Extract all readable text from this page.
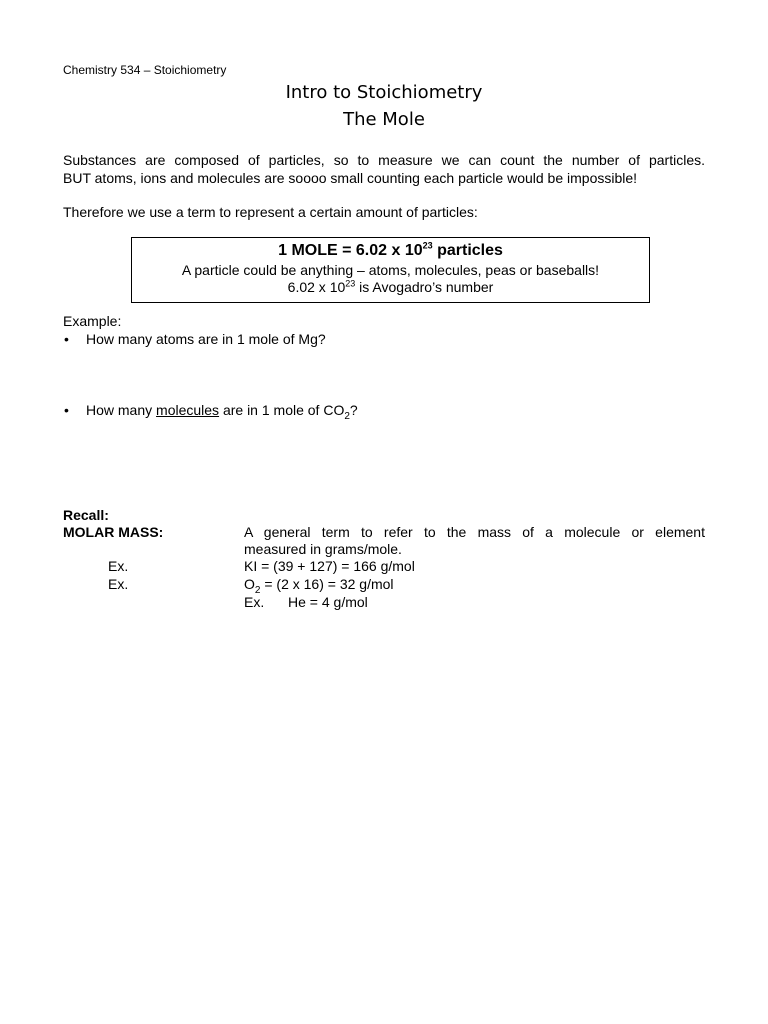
Chemistry 534 – Stoichiometry
Intro to Stoichiometry
The Mole
Substances are composed of particles, so to measure we can count the number of particles.
BUT atoms, ions and molecules are soooo small counting each particle would be impossible!
Therefore we use a term to represent a certain amount of particles:
1 MOLE = 6.02 x $10^{23}$ particles
A particle could be anything – atoms, molecules, peas or baseballs!
6.02 x $10^{23}$ is Avogadro’s number
Example:
• How many atoms are in 1 mole of Mg?
• How many molecules are in 1 mole of $CO_2$?
Recall:
MOLAR MASS:	A general term to refer to the mass of a molecule or element
measured in grams/mole.
Ex.	KI = (39 + 127) = 166 g/mol
Ex.	$O_2 = (2$ x 16) = 32 g/mol
Ex. He = 4 g/mol
